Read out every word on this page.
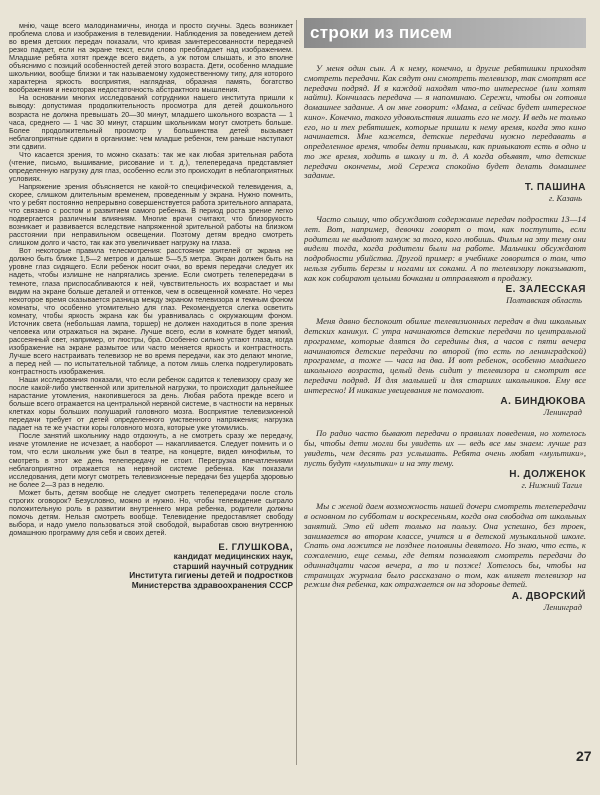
мнію, чаще всего малодинамичны, иногда и просто скучны. Здесь возникает проблема слова и изображения в телевидении. Наблюдения за поведением детей во время детских передач показали, что кривая заинтересованности передачей резко падает, если на экране текст, если слово преобладает над изображением. Младшие ребята хотят прежде всего видеть, а уж потом слышать, и это вполне объяснимо с позиций особенностей детей этого возраста. Дети, особенно младшие школьники, вообще близки и так называемому художественному типу, для которого характерна яркость восприятия, наглядная, образная память, богатство воображения и некоторая недостаточность абстрактного мышления.

На основании многих исследований сотрудники нашего института пришли к выводу: допустимая продолжительность просмотра для детей дошкольного возраста не должна превышать 20—30 минут, младшего школьного возраста — 1 часа, среднего — 1 час 30 минут, старшим школьникам могут смотреть больше. Более продолжительный просмотр у большинства детей вызывает неблагоприятные сдвиги в организме: чем младше ребенок, тем раньше наступают эти сдвиги.

Что касается зрения, то можно сказать: так же как любая зрительная работа (чтение, письмо, вышивание, рисование и т. д.), телепередача представляет определенную нагрузку для глаз, особенно если это происходит в неблагоприятных условиях.

Напряжение зрения объясняется не какой-то специфической телевидения, а, скорее, слишком длительным временем, проведенным у экрана. Нужно помнить, что у ребят постоянно непрерывно совершенствуется работа зрительного аппарата, что связано с ростом и развитием самого ребенка. В период роста зрение легко подвергается различным влияниям. Многие врачи считают, что близорукость возникает и развивается вследствие напряженной зрительной работы на близком расстоянии при неправильном освещении. Поэтому детям вредно смотреть слишком долго и часто, так как это увеличивает нагрузку на глаза.

Вот некоторые правила телесмотрения: расстояние зрителей от экрана не должно быть ближе 1,5—2 метров и дальше 5—5,5 метра. Экран должен быть на уровне глаз сидящего. Если ребенок носит очки, во время передачи следует их надеть, чтобы излишне не напрягались зрение. Если смотреть телепередачи в темноте, глаза приспосабливаются к ней, чувствительность их возрастает и мы видим на экране больше деталей и оттенков, чем в освещенной комнате. Но через некоторое время сказывается разница между экраном телевизора и темным фоном комнаты, что особенно утомительно для глаз. Рекомендуется слегка осветить комнату, чтобы яркость экрана как бы уравнивалась с окружающим фоном. Источник света (небольшая лампа, торшер) не должен находиться в поле зрения человека или отражаться на экране. Лучше всего, если в комнате будет мягкий, рассеянный свет, например, от люстры, бра. Особенно сильно устают глаза, когда изображение на экране размытое или часто меняется яркость и контрастность. Лучше всего настраивать телевизор не во время передачи, как это делают многие, а перед ней — по испытательной таблице, а потом лишь слегка подрегулировать контрастность изображения.

Наши исследования показали, что если ребенок садится к телевизору сразу же после какой-либо умственной или зрительной нагрузки, то происходит дальнейшее нарастание утомления, накопившегося за день. Любая работа прежде всего и больше всего отражается на центральной нервной системе, в частности на нервных клетках коры больших полушарий головного мозга. Восприятие телевизионной передачи требует от детей определенного умственного напряжения; нагрузка падает на те же участки коры головного мозга, которые уже утомились.

После занятий школьнику надо отдохнуть, а не смотреть сразу же передачу, иначе утомление не исчезает, а наоборот — накапливается. Следует помнить и о том, что если школьник уже был в театре, на концерте, видел кинофильм, то смотреть в этот же день телепередачу не стоит. Перегрузка впечатлениями неблагоприятно отражается на нервной системе ребенка. Как показали исследования, дети могут смотреть телевизионные передачи без ущерба здоровью не более 2—3 раз в неделю.

Может быть, детям вообще не следует смотреть телепередачи после столь строгих оговорок? Безусловно, можно и нужно. Но, чтобы телевидение сыграло положительную роль в развитии внутреннего мира ребенка, родители должны помочь детям. Нельзя смотреть вообще. Телевидение предоставляет свободу выбора, и надо умело пользоваться этой свободой, выработав свою внутреннюю домашнюю программу для себя и своих детей.

Е. ГЛУШКОВА,
кандидат медицинских наук,
старший научный сотрудник
Института гигиены детей и подростков
Министерства здравоохранения СССР
строки из писем

У меня один сын. А к нему, конечно, и другие ребятишки приходят смотреть передачи. Как сядут они смотреть телевизор, так смотрят все передачи подряд. И я каждой находят что-то интересное (или хотят найти). Кончилась передача — я напоминаю. Сережи, чтобы он готовил домашнее задание. А он мне говорит: «Мама, а сейчас будет интересное кино». Конечно, такого удовольствия лишать его не могу. И ведь не только его, но и тех ребятишек, которые пришли к нему время, когда это кино начинается. Мне кажется, детские передачи нужно передавать в определенное время, чтобы дети привыкли, как привыкают есть в одно и то же время, ходить в школу и т. д. А когда объявят, что детские передачи окончены, мой Сережа спокойно будет делать домашнее задание.

Т. ПАШИНА
г. Казань

Часто слышу, что обсуждают содержание передач подростки 13—14 лет. Вот, например, девочки говорят о том, как поступить, если родители не выдают замуж за того, кого любишь. Фильм на эту тему они видели тогда, когда родители были на работе. Мальчики обсуждают подробности убийства. Другой пример: в учебнике говорится о том, что нельзя губить березы и ногами их соками. А по телевизору показывают, как кок собирают целыми бочками и отправляют в продажу.

Е. ЗАЛЕССКАЯ
Полтавская область

Меня давно беспокоит обилие телевизионных передач в дни школьных детских каникул. С утра начинаются детские передачи по центральной программе, которые длятся до середины дня, а часов с пяти вечера начинаются детские передачи по второй (то есть по ленинградской) программе, а тоже — часа на два. И вот ребенок, особенно младшего школьного возраста, целый день сидит у телевизора и смотрит все передачи подряд. И для малышей и для старших школьников. Ему все интересно! И никакие увещевания не помогают.

А. БИНДЮКОВА
Ленинград

По радио часто бывают передачи о правилах поведения, но хотелось бы, чтобы дети могли бы увидеть их — ведь все мы знаем: лучше раз увидеть, чем десять раз услышать. Ребята очень любят «мультики», пусть будут «мультики» и на эту тему.

Н. ДОЛЖЕНОК
г. Нижний Тагил

Мы с женой даем возможность нашей дочери смотреть телепередачи в основном по субботам и воскресеньям, когда она свободна от школьных занятий. Это ей идет только на пользу. Она успешно, без троек, занимается во втором классе, учится и в детской музыкальной школе. Спать она ложится не позднее половины девятого. Но знаю, что есть, к сожалению, еще семьи, где детям позволяют смотреть передачи до одиннадцати часов вечера, а то и позже! Хотелось бы, чтобы на страницах журнала было рассказано о том, как влияет телевизор на режим дня ребенка, как отражается он на здоровье детей.

А. ДВОРСКИЙ
Ленинград
27
